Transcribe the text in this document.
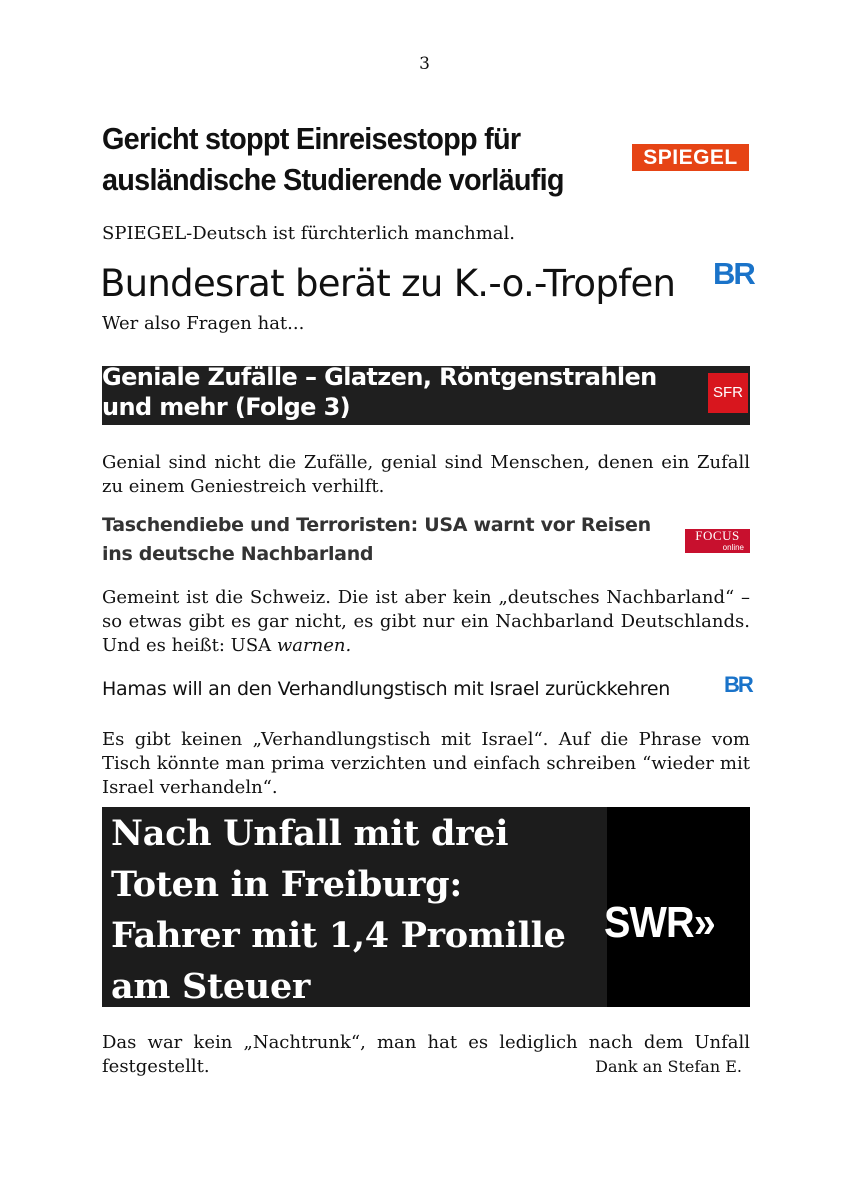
3
Gericht stoppt Einreisestopp für ausländische Studierende vorläufig
SPIEGEL
SPIEGEL-Deutsch ist fürchterlich manchmal.
Bundesrat berät zu K.-o.-Tropfen	BR
Wer also Fragen hat...
Geniale Zufälle – Glatzen, Röntgenstrahlen und mehr (Folge 3)
SFR
Genial sind nicht die Zufälle, genial sind Menschen, denen ein Zufall zu einem Geniestreich verhilft.
Taschendiebe und Terroristen: USA warnt vor Reisen ins deutsche Nachbarland
FOCUS
online
Gemeint ist die Schweiz. Die ist aber kein „deutsches Nachbarland“ – so etwas gibt es gar nicht, es gibt nur ein Nachbarland Deutschlands. Und es heißt: USA warnen.
Hamas will an den Verhandlungstisch mit Israel zurückkehren	BR
Es gibt keinen „Verhandlungstisch mit Israel“. Auf die Phrase vom Tisch könnte man prima verzichten und einfach schreiben “wieder mit Israel verhandeln“.
Nach Unfall mit drei
Toten in Freiburg:
Fahrer mit 1,4 Promille
am Steuer
SWR»
Das war kein „Nachtrunk“, man hat es lediglich nach dem Unfall festgestellt.	Dank an Stefan E.
